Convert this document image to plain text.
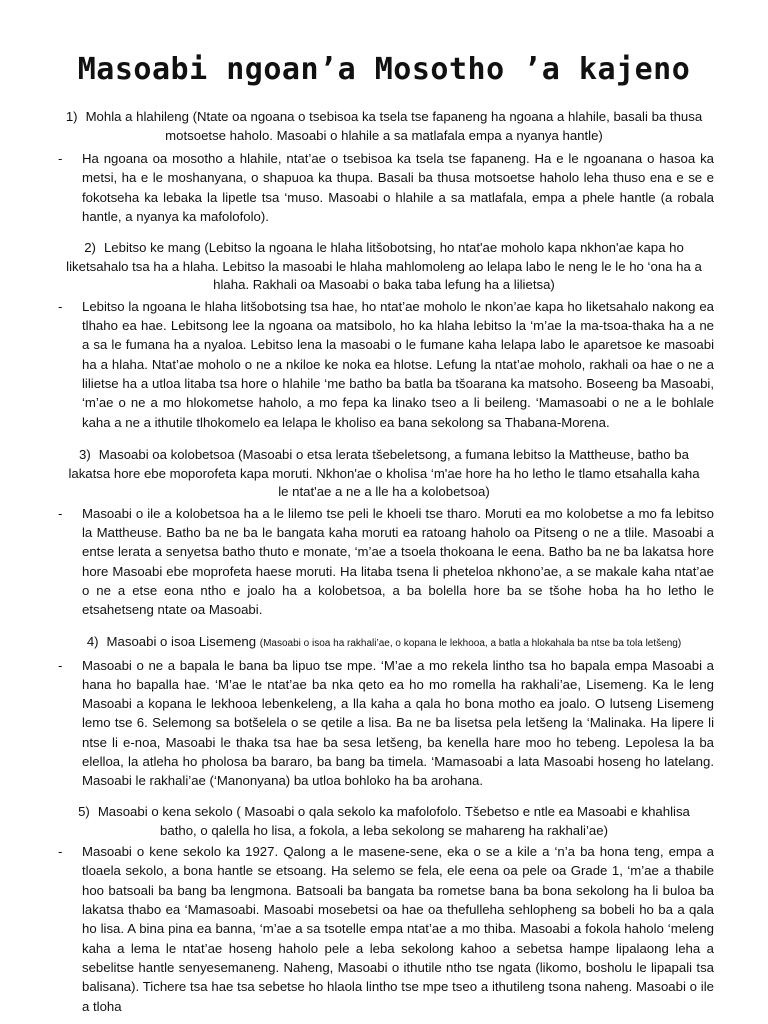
Masoabi ngoan’a Mosotho ’a kajeno
1) Mohla a hlahileng (Ntate oa ngoana o tsebisoa ka tsela tse fapaneng ha ngoana a hlahile, basali ba thusa motsoetse haholo. Masoabi o hlahile a sa matlafala empa a nyanya hantle)
- Ha ngoana oa mosotho a hlahile, ntat’ae o tsebisoa ka tsela tse fapaneng. Ha e le ngoanana o hasoa ka metsi, ha e le moshanyana, o shapuoa ka thupa. Basali ba thusa motsoetse haholo leha thuso ena e se e fokotseha ka lebaka la lipetle tsa ‘muso. Masoabi o hlahile a sa matlafala, empa a phele hantle (a robala hantle, a nyanya ka mafolofolo).
2) Lebitso ke mang (Lebitso la ngoana le hlaha litšobotsing, ho ntat'ae moholo kapa nkhon'ae kapa ho liketsahalo tsa ha a hlaha. Lebitso la masoabi le hlaha mahlomoleng ao lelapa labo le neng le le ho ‘ona ha a hlaha. Rakhali oa Masoabi o baka taba lefung ha a lilietsa)
- Lebitso la ngoana le hlaha litšobotsing tsa hae, ho ntat’ae moholo le nkon’ae kapa ho liketsahalo nakong ea tlhaho ea hae. Lebitsong lee la ngoana oa matsibolo, ho ka hlaha lebitso la ‘m’ae la ma-tsoa-thaka ha a ne a sa le fumana ha a nyaloa. Lebitso lena la masoabi o le fumane kaha lelapa labo le aparetsoe ke masoabi ha a hlaha. Ntat’ae moholo o ne a nkiloe ke noka ea hlotse. Lefung la ntat’ae moholo, rakhali oa hae o ne a lilietse ha a utloa litaba tsa hore o hlahile ‘me batho ba batla ba tšoarana ka matsoho. Boseeng ba Masoabi, ‘m’ae o ne a mo hlokometse haholo, a mo fepa ka linako tseo a li beileng. ‘Mamasoabi o ne a le bohlale kaha a ne a ithutile tlhokomelo ea lelapa le kholiso ea bana sekolong sa Thabana-Morena.
3) Masoabi oa kolobetsoa (Masoabi o etsa lerata tšebeletsong, a fumana lebitso la Mattheuse, batho ba lakatsa hore ebe moporofeta kapa moruti. Nkhon'ae o kholisa ‘m'ae hore ha ho letho le tlamo etsahalla kaha le ntat'ae a ne a lle ha a kolobetsoa)
- Masoabi o ile a kolobetsoa ha a le lilemo tse peli le khoeli tse tharo. Moruti ea mo kolobetse a mo fa lebitso la Mattheuse. Batho ba ne ba le bangata kaha moruti ea ratoang haholo oa Pitseng o ne a tlile. Masoabi a entse lerata a senyetsa batho thuto e monate, ‘m’ae a tsoela thokoana le eena. Batho ba ne ba lakatsa hore hore Masoabi ebe moprofeta haese moruti. Ha litaba tsena li pheteloa nkhono’ae, a se makale kaha ntat’ae o ne a etse eona ntho e joalo ha a kolobetsoa, a ba bolella hore ba se tšohe hoba ha ho letho le etsahetseng ntate oa Masoabi.
4) Masoabi o isoa Lisemeng (Masoabi o isoa ha rakhali’ae, o kopana le lekhooa, a batla a hlokahala ba ntse ba tola letšeng)
- Masoabi o ne a bapala le bana ba lipuo tse mpe. ‘M’ae a mo rekela lintho tsa ho bapala empa Masoabi a hana ho bapalla hae. ‘M’ae le ntat’ae ba nka qeto ea ho mo romella ha rakhali’ae, Lisemeng. Ka le leng Masoabi a kopana le lekhooa lebenkeleng, a lla kaha a qala ho bona motho ea joalo. O lutseng Lisemeng lemo tse 6. Selemong sa botšelela o se qetile a lisa. Ba ne ba lisetsa pela letšeng la ‘Malinaka. Ha lipere li ntse li e-noa, Masoabi le thaka tsa hae ba sesa letšeng, ba kenella hare moo ho tebeng. Lepolesa la ba elelloa, la atleha ho pholosa ba bararo, ba bang ba timela. ‘Mamasoabi a lata Masoabi hoseng ho latelang. Masoabi le rakhali’ae (‘Manonyana) ba utloa bohloko ha ba arohana.
5) Masoabi o kena sekolo ( Masoabi o qala sekolo ka mafolofolo. Tšebetso e ntle ea Masoabi e khahlisa batho, o qalella ho lisa, a fokola, a leba sekolong se mahareng ha rakhali’ae)
- Masoabi o kene sekolo ka 1927. Qalong a le masene-sene, eka o se a kile a ‘n’a ba hona teng, empa a tloaela sekolo, a bona hantle se etsoang. Ha selemo se fela, ele eena oa pele oa Grade 1, ‘m’ae a thabile hoo batsoali ba bang ba lengmona. Batsoali ba bangata ba rometse bana ba bona sekolong ha li buloa ba lakatsa thabo ea ‘Mamasoabi. Masoabi mosebetsi oa hae oa thefulleha sehlopheng sa bobeli ho ba a qala ho lisa. A bina pina ea banna, ‘m’ae a sa tsotelle empa ntat’ae a mo thiba. Masoabi a fokola haholo ‘meleng kaha a lema le ntat’ae hoseng haholo pele a leba sekolong kahoo a sebetsa hampe lipalaong leha a sebelitse hantle senyesemaneng. Naheng, Masoabi o ithutile ntho tse ngata (likomo, bosholu le lipapali tsa balisana). Tichere tsa hae tsa sebetse ho hlaola lintho tse mpe tseo a ithutileng tsona naheng. Masoabi o ile a tloha
